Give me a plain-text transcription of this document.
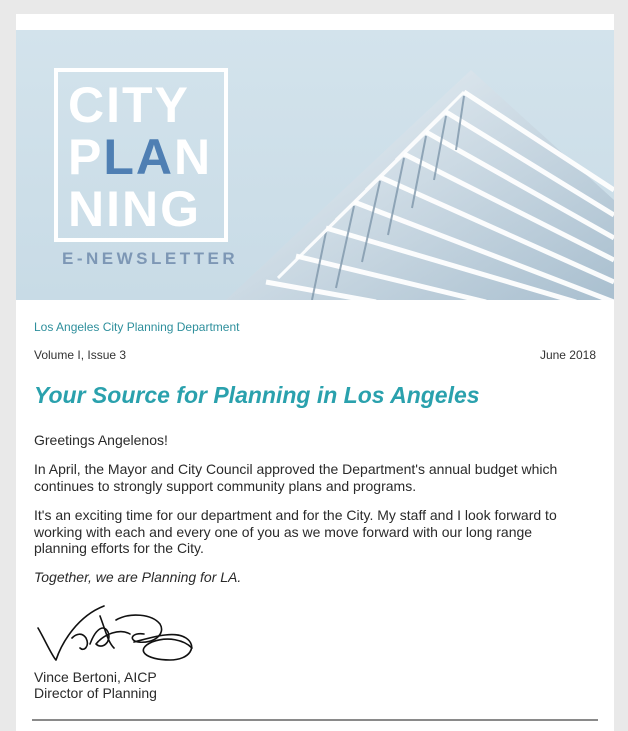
CITY
PLAN
NING
E-NEWSLETTER
Los Angeles City Planning Department
Volume I, Issue 3	June 2018
Your Source for Planning in Los Angeles
Greetings Angelenos!
In April, the Mayor and City Council approved the Department's annual budget which continues to strongly support community plans and programs.
It's an exciting time for our department and for the City. My staff and I look forward to working with each and every one of you as we move forward with our long range planning efforts for the City.
Together, we are Planning for LA.
Vince Bertoni, AICP
Director of Planning
